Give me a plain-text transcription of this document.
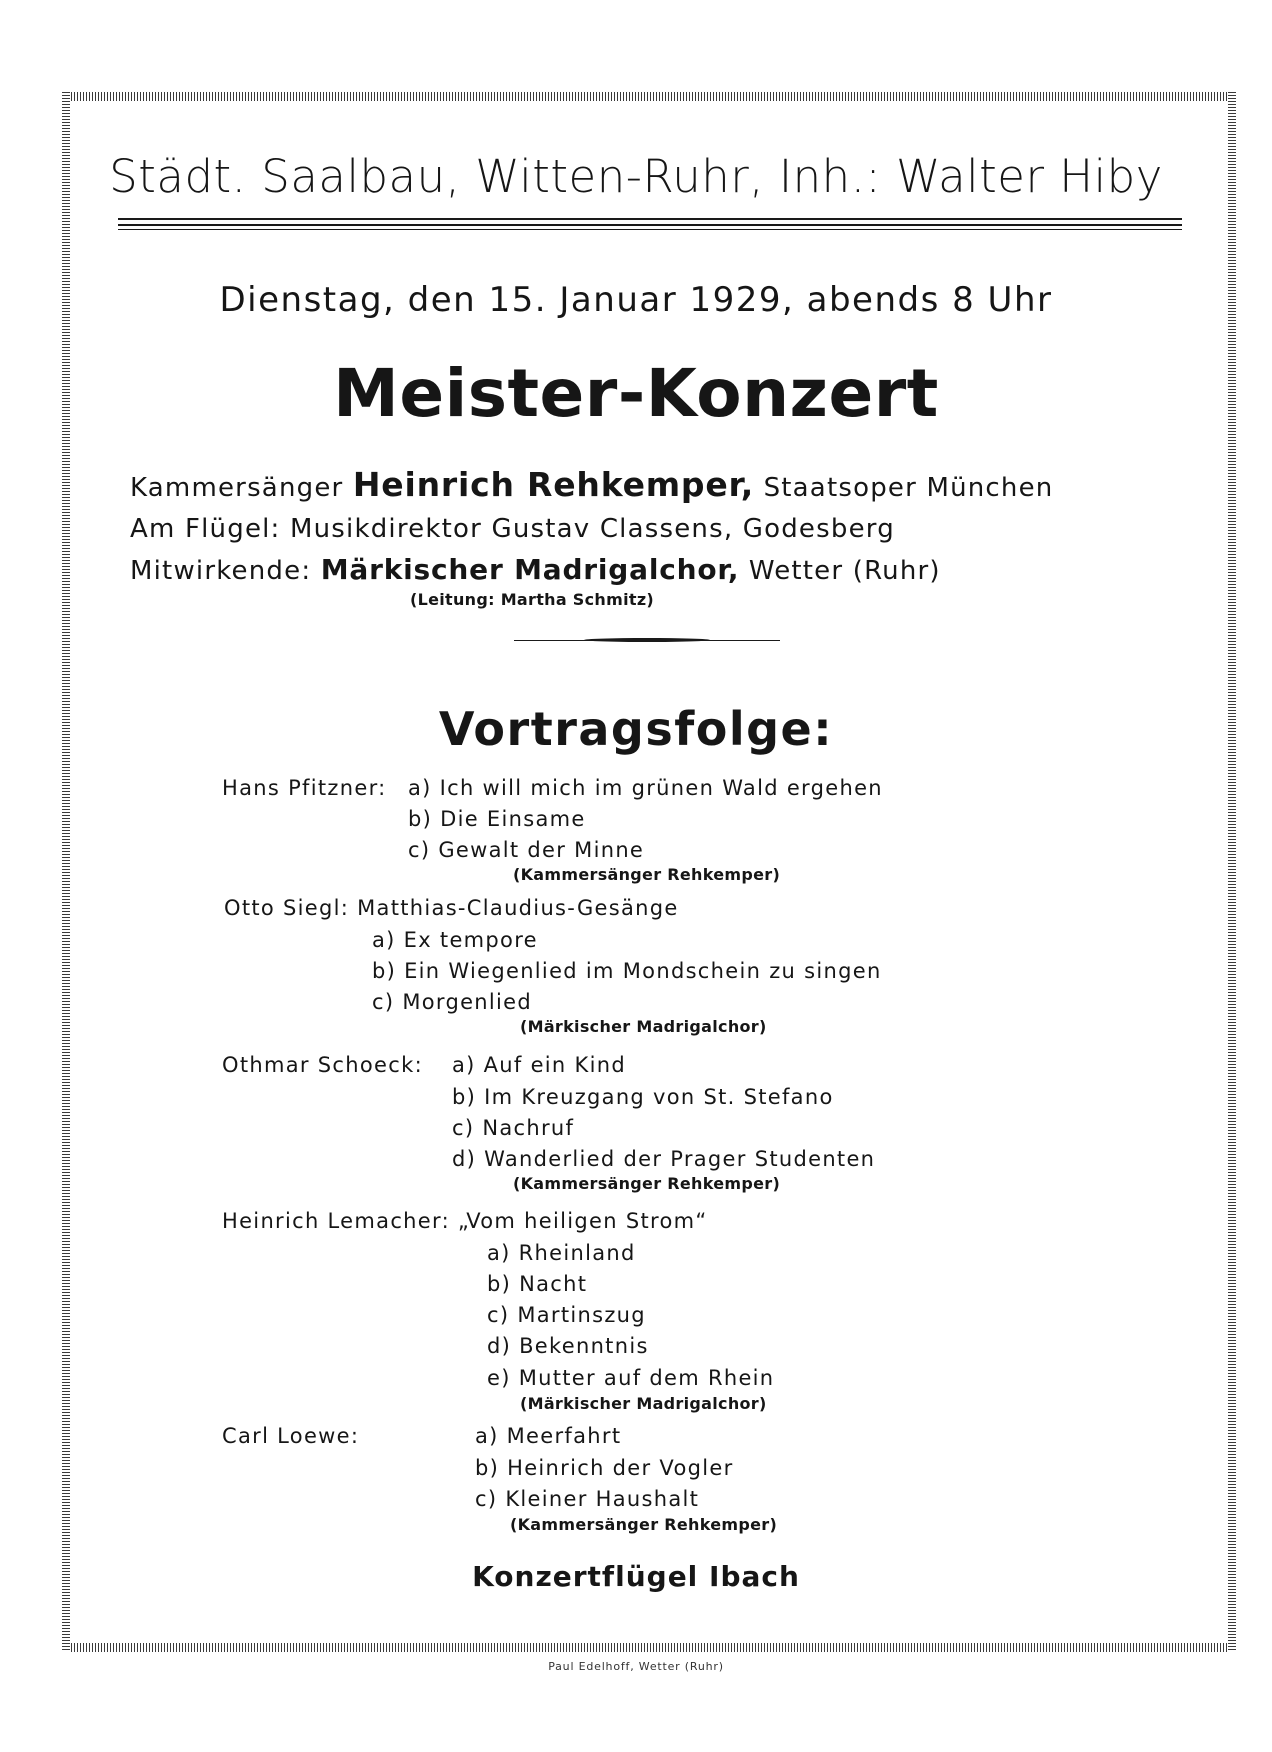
Städt. Saalbau, Witten-Ruhr, Inh.: Walter Hiby
Dienstag, den 15. Januar 1929, abends 8 Uhr
Meister-Konzert
Kammersänger Heinrich Rehkemper, Staatsoper München
Am Flügel: Musikdirektor Gustav Classens, Godesberg
Mitwirkende: Märkischer Madrigalchor, Wetter (Ruhr)
(Leitung: Martha Schmitz)
Vortragsfolge:
Hans Pfitzner: a) Ich will mich im grünen Wald ergehen
b) Die Einsame
c) Gewalt der Minne
(Kammersänger Rehkemper)
Otto Siegl: Matthias-Claudius-Gesänge
a) Ex tempore
b) Ein Wiegenlied im Mondschein zu singen
c) Morgenlied
(Märkischer Madrigalchor)
Othmar Schoeck: a) Auf ein Kind
b) Im Kreuzgang von St. Stefano
c) Nachruf
d) Wanderlied der Prager Studenten
(Kammersänger Rehkemper)
Heinrich Lemacher: „Vom heiligen Strom“
a) Rheinland
b) Nacht
c) Martinszug
d) Bekenntnis
e) Mutter auf dem Rhein
(Märkischer Madrigalchor)
Carl Loewe:	a) Meerfahrt
b) Heinrich der Vogler
c) Kleiner Haushalt
(Kammersänger Rehkemper)
Konzertflügel Ibach
Paul Edelhoff, Wetter (Ruhr)
